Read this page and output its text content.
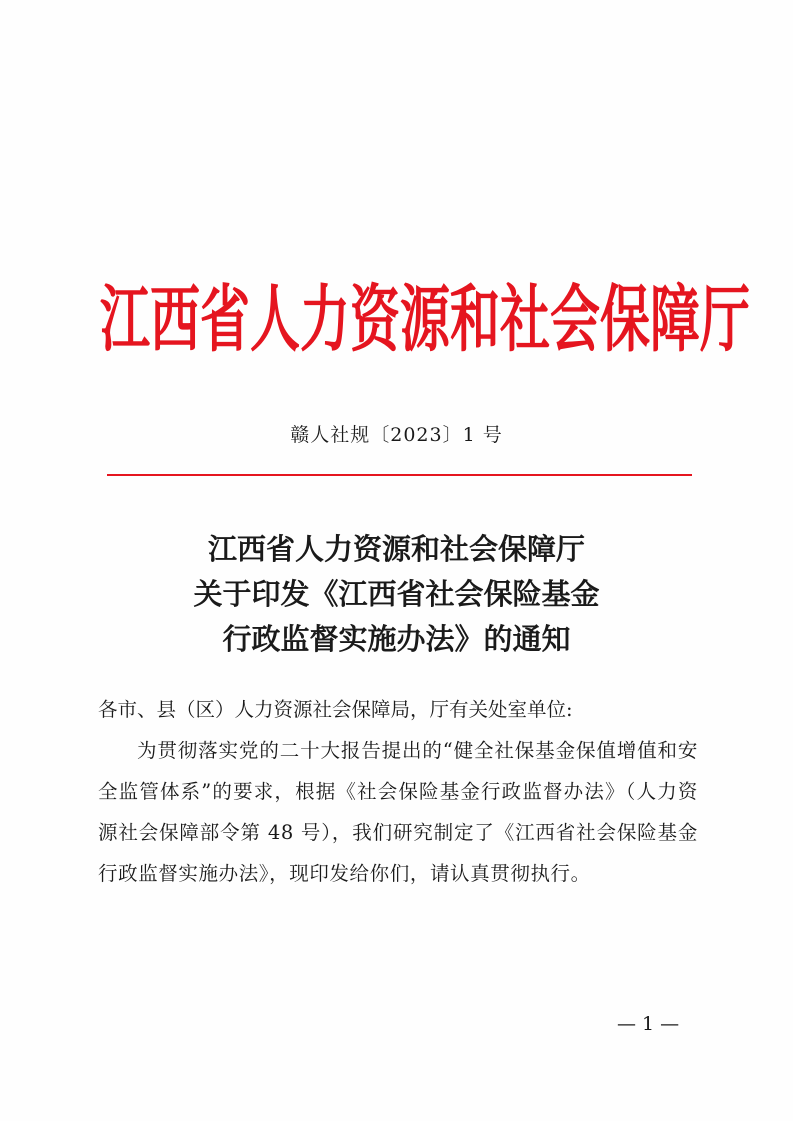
江西省人力资源和社会保障厅
赣人社规〔2023〕1 号
江西省人力资源和社会保障厅
关于印发《江西省社会保险基金
行政监督实施办法》的通知
各市、县（区）人力资源社会保障局，厅有关处室单位:
为贯彻落实党的二十大报告提出的“健全社保基金保值增值和安全监管体系”的要求，根据《社会保险基金行政监督办法》（人力资源社会保障部令第 48 号），我们研究制定了《江西省社会保险基金行政监督实施办法》，现印发给你们，请认真贯彻执行。
— 1 —
